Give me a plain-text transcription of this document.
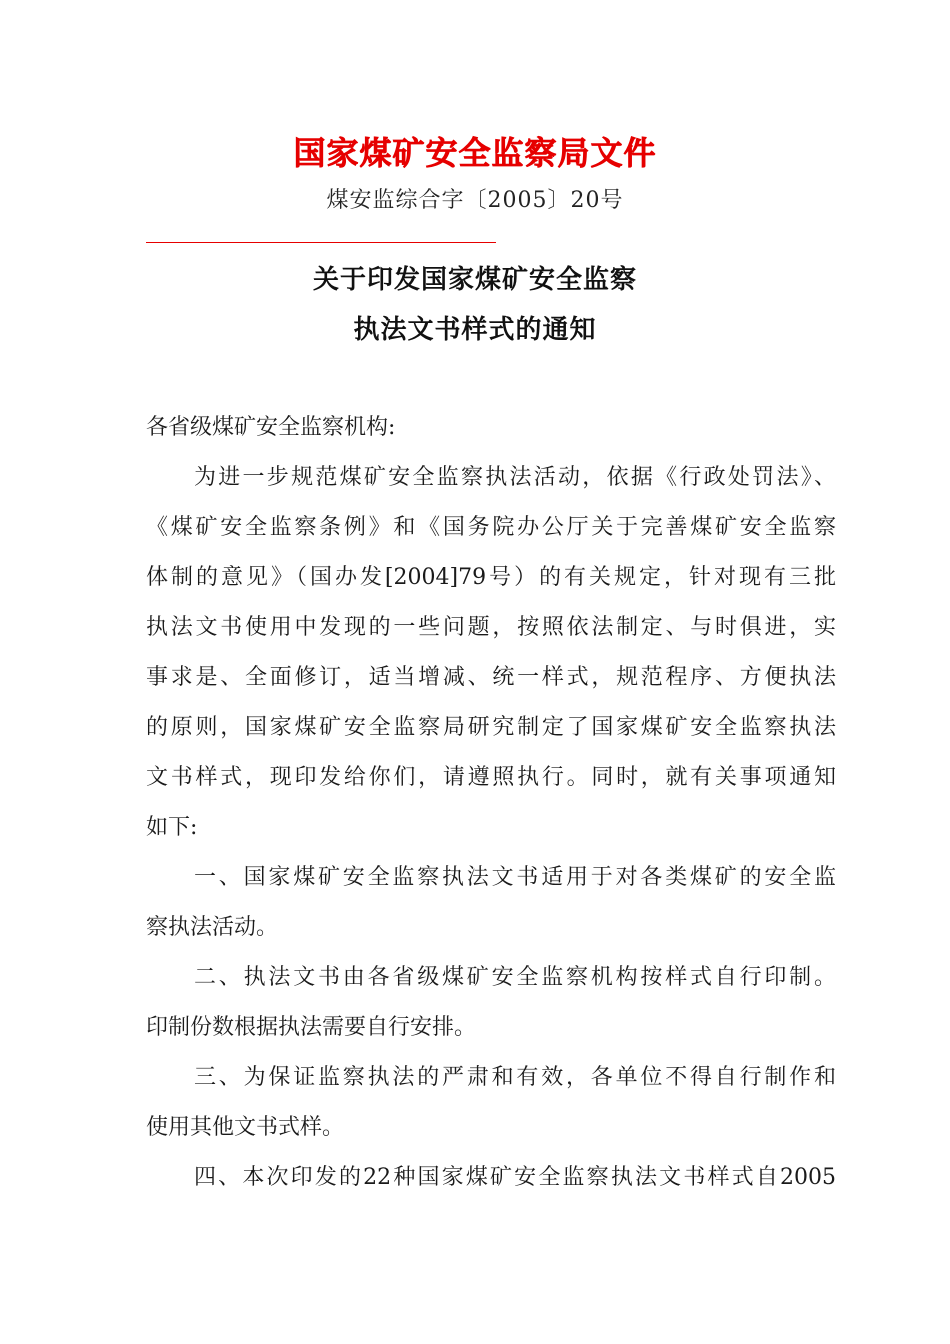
国家煤矿安全监察局文件
煤安监综合字〔2005〕20号
关于印发国家煤矿安全监察
执法文书样式的通知
各省级煤矿安全监察机构:
为进一步规范煤矿安全监察执法活动，依据《行政处罚法》、
《煤矿安全监察条例》和《国务院办公厅关于完善煤矿安全监察
体制的意见》（国办发[2004]79号）的有关规定，针对现有三批
执法文书使用中发现的一些问题，按照依法制定、与时俱进，实
事求是、全面修订，适当增减、统一样式，规范程序、方便执法
的原则，国家煤矿安全监察局研究制定了国家煤矿安全监察执法
文书样式，现印发给你们，请遵照执行。同时，就有关事项通知
如下:
一、国家煤矿安全监察执法文书适用于对各类煤矿的安全监
察执法活动。
二、执法文书由各省级煤矿安全监察机构按样式自行印制。
印制份数根据执法需要自行安排。
三、为保证监察执法的严肃和有效，各单位不得自行制作和
使用其他文书式样。
四、本次印发的22种国家煤矿安全监察执法文书样式自2005
